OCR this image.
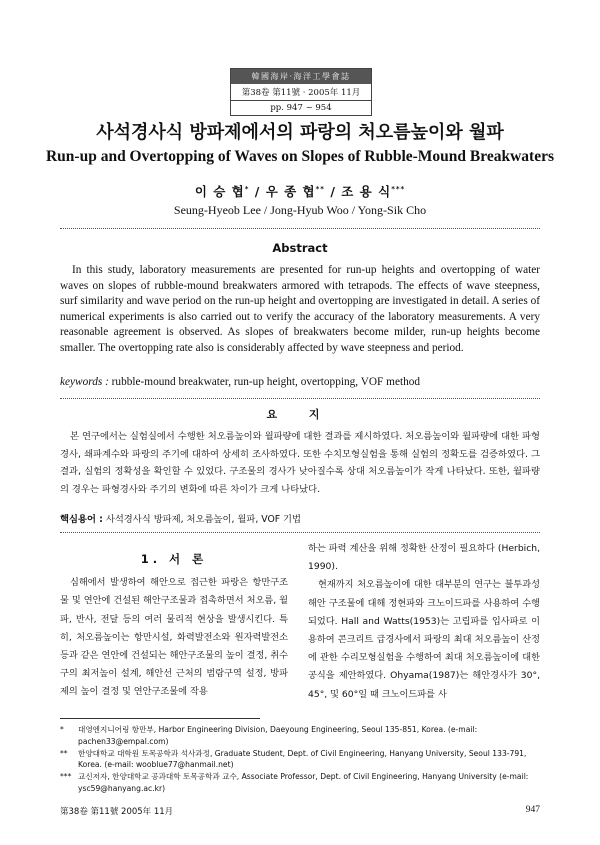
韓國海岸·海洋工學會誌
第38卷 第11號 · 2005年 11月
pp. 947 ~ 954
사석경사식 방파제에서의 파랑의 처오름높이와 월파
Run-up and Overtopping of Waves on Slopes of Rubble-Mound Breakwaters
이 승 협* / 우 종 협** / 조 용 식***
Seung-Hyeob Lee / Jong-Hyub Woo / Yong-Sik Cho
Abstract
In this study, laboratory measurements are presented for run-up heights and overtopping of water waves on slopes of rubble-mound breakwaters armored with tetrapods. The effects of wave steepness, surf similarity and wave period on the run-up height and overtopping are investigated in detail. A series of numerical experiments is also carried out to verify the accuracy of the laboratory measurements. A very reasonable agreement is observed. As slopes of breakwaters become milder, run-up heights become smaller. The overtopping rate also is considerably affected by wave steepness and period.
keywords : rubble-mound breakwater, run-up height, overtopping, VOF method
요 지
본 연구에서는 실험실에서 수행한 처오름높이와 월파량에 대한 결과를 제시하였다. 처오름높이와 월파량에 대한 파형경사, 쇄파계수와 파랑의 주기에 대하여 상세히 조사하였다. 또한 수치모형실험을 통해 실험의 정확도를 검증하였다. 그 결과, 실험의 정확성을 확인할 수 있었다. 구조물의 경사가 낮아질수록 상대 처오름높이가 작게 나타났다. 또한, 월파량의 경우는 파형경사와 주기의 변화에 따른 차이가 크게 나타났다.
핵심용어 : 사석경사식 방파제, 처오름높이, 월파, VOF 기법
1. 서 론

심해에서 발생하여 해안으로 접근한 파랑은 항만구조물 및 연안에 건설된 해안구조물과 접촉하면서 처오름, 월파, 반사, 전달 등의 여러 물리적 현상을 발생시킨다. 특히, 처오름높이는 항만시설, 화력발전소와 원자력발전소 등과 같은 연안에 건설되는 해안구조물의 높이 결정, 취수구의 최저높이 설계, 해안선 근처의 범람구역 설정, 방파제의 높이 결정 및 연안구조물에 작용

하는 파력 계산을 위해 정확한 산정이 필요하다 (Herbich, 1990).

현재까지 처오름높이에 대한 대부분의 연구는 불투과성 해안 구조물에 대해 정현파와 크노이드파를 사용하여 수행되었다. Hall and Watts(1953)는 고립파를 입사파로 이용하여 콘크리트 급경사에서 파랑의 최대 처오름높이 산정에 관한 수리모형실험을 수행하여 최대 처오름높이에 대한 공식을 제안하였다. Ohyama(1987)는 해안경사가 30°, 45°, 및 60°일 때 크노이드파를 사

*	대영엔지니어링 항만부, Harbor Engineering Division, Daeyoung Engineering, Seoul 135-851, Korea. (e-mail: pachen33@empal.com)
**	한양대학교 대학원 토목공학과 석사과정, Graduate Student, Dept. of Civil Engineering, Hanyang University, Seoul 133-791, Korea. (e-mail: wooblue77@hanmail.net)
*** 교신저자, 한양대학교 공과대학 토목공학과 교수, Associate Professor, Dept. of Civil Engineering, Hanyang University (e-mail: ysc59@hanyang.ac.kr)
第38卷 第11號 2005年 11月	947
